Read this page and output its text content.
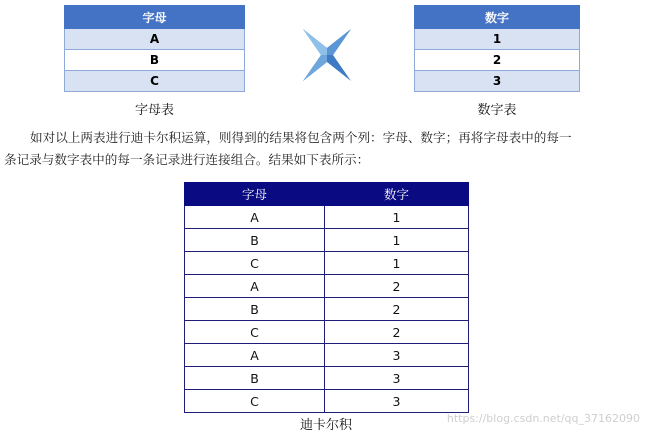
字母
A
B
C
字母表
数字
1
2
3
数字表

如对以上两表进行迪卡尔积运算，则得到的结果将包含两个列：字母、数字；再将字母表中的每一

条记录与数字表中的每一条记录进行连接组合。结果如下表所示：

字母	数字
A	1
B	1
C	1
A	2
B	2
C	2
A	3
B	3
C	3
迪卡尔积	https://blog.csdn.net/qq_37162090
